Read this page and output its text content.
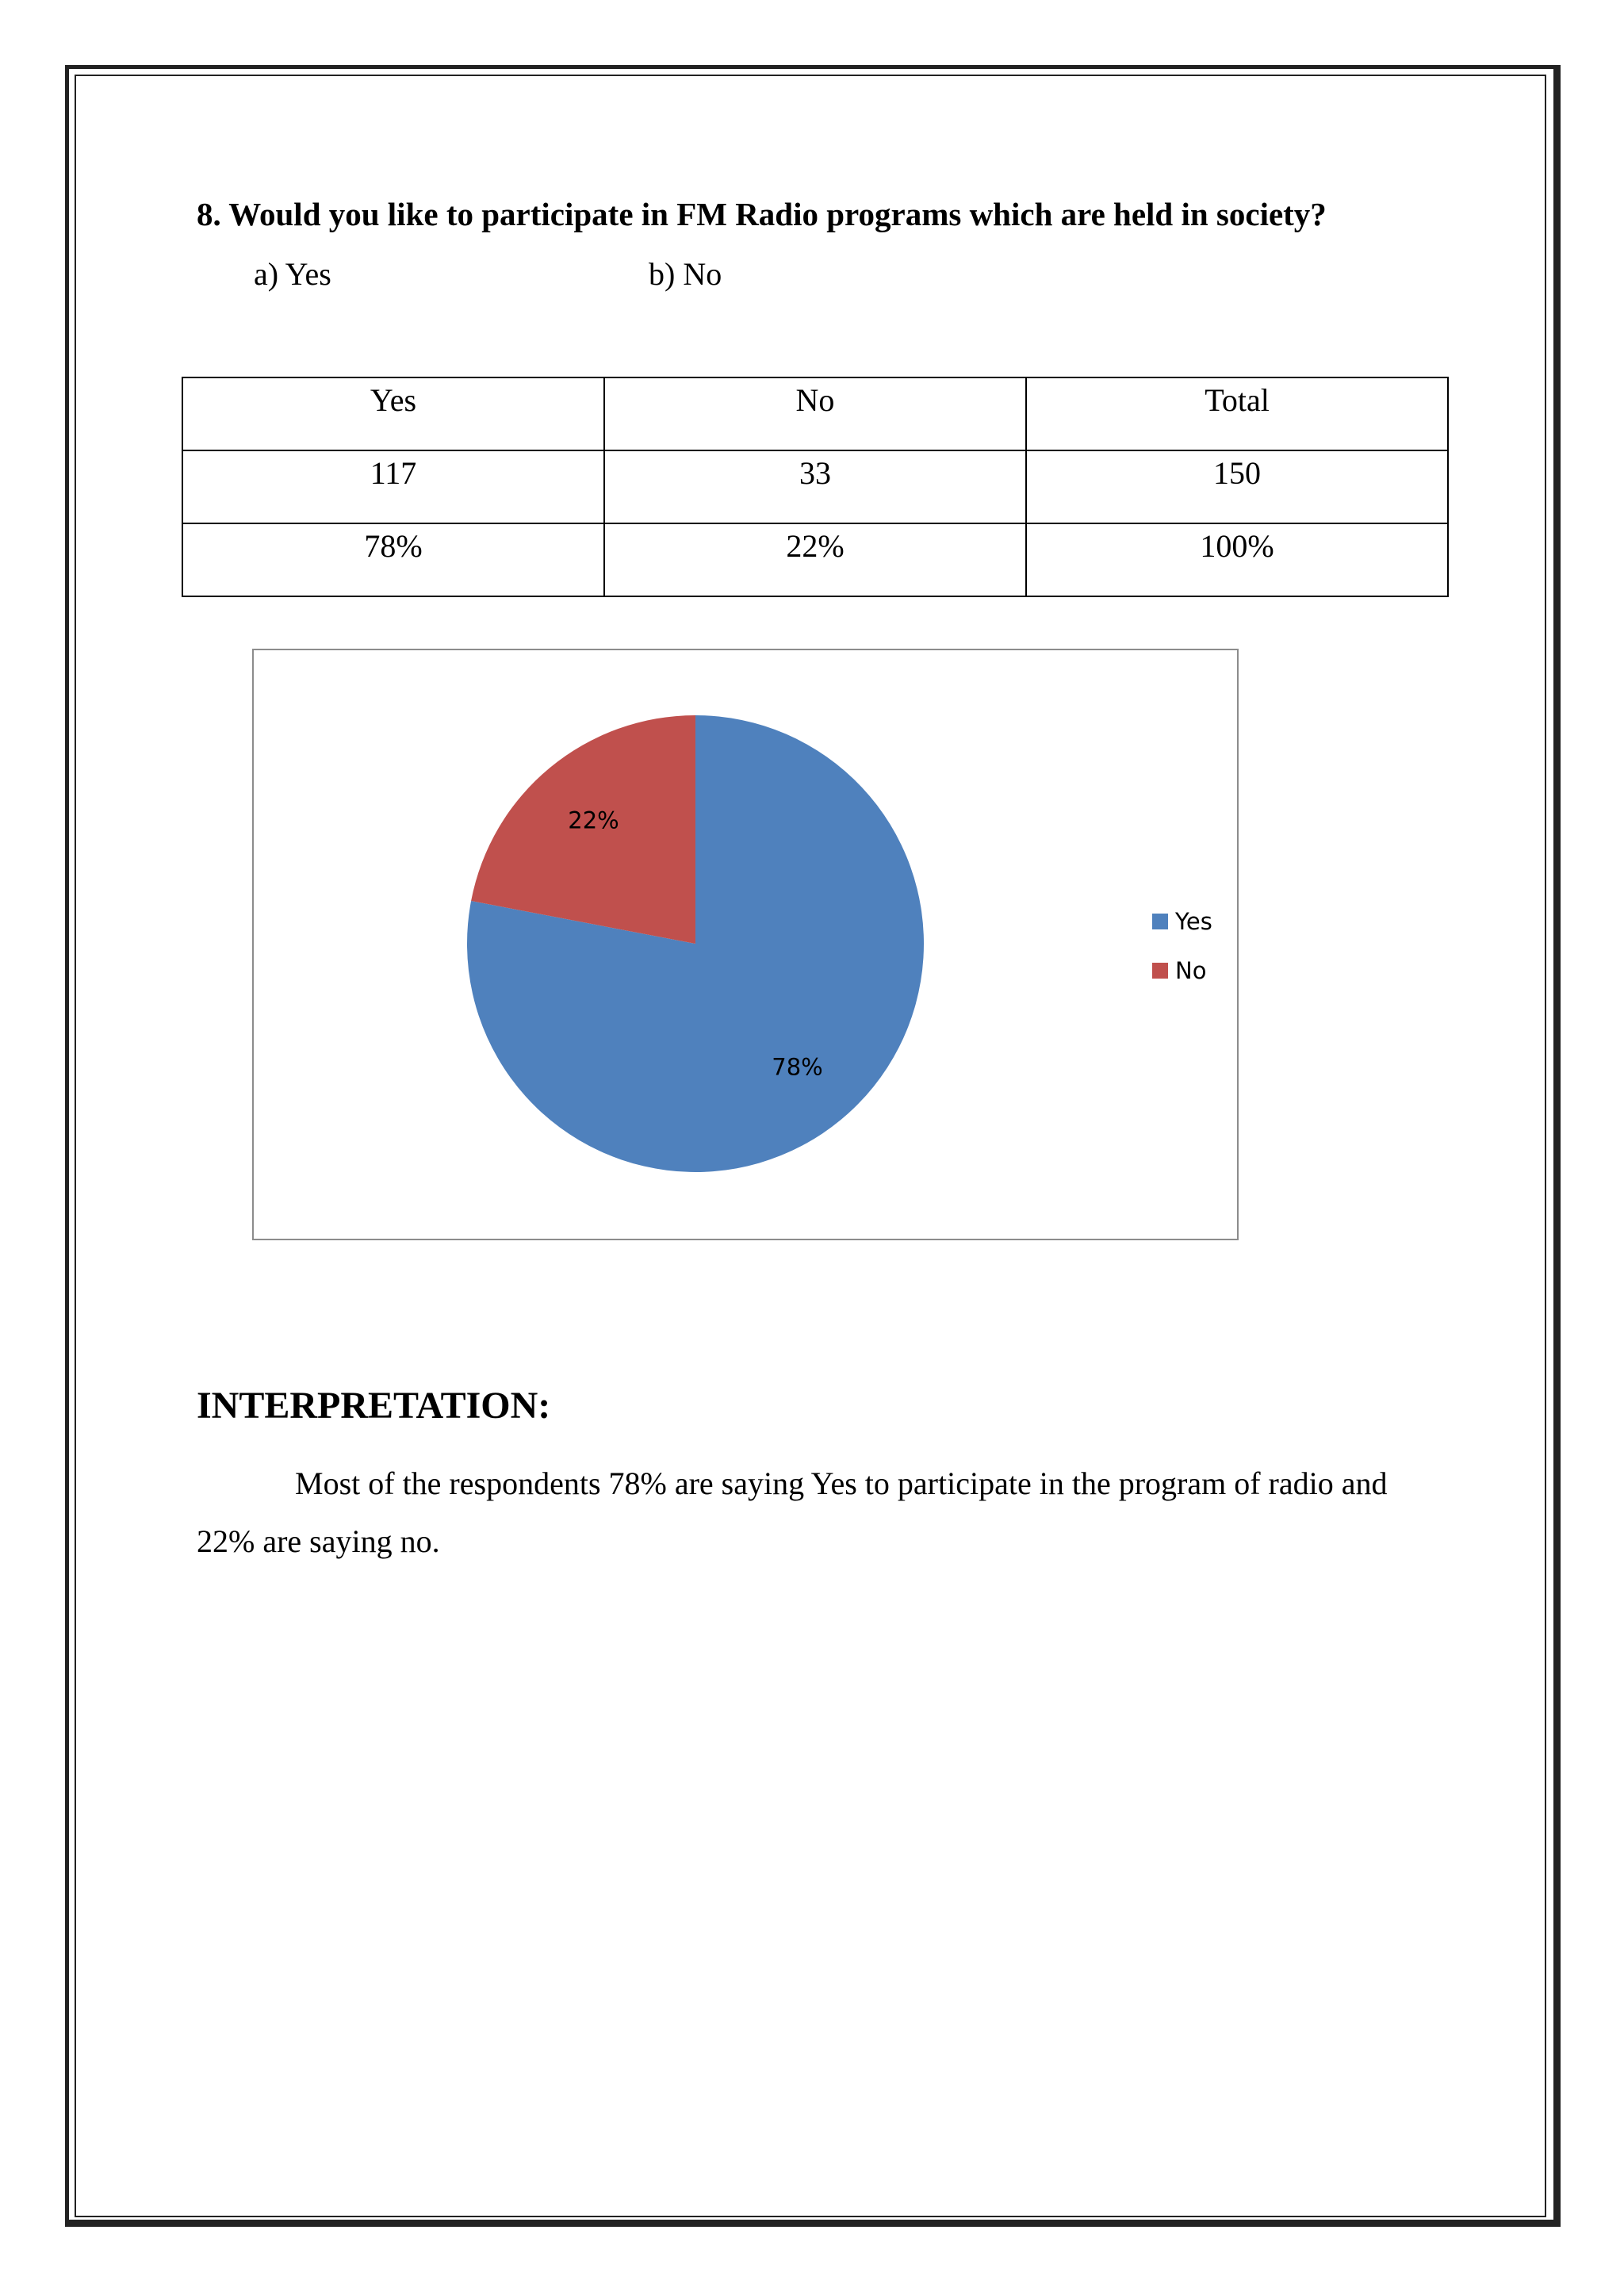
8. Would you like to participate in FM Radio programs which are held in society?
a) Yes	b) No
Yes	No	Total
117	33	150
78%	22%	100%
78%
22%
Yes
No
INTERPRETATION:
Most of the respondents 78% are saying Yes to participate in the program of radio and 22% are saying no.
